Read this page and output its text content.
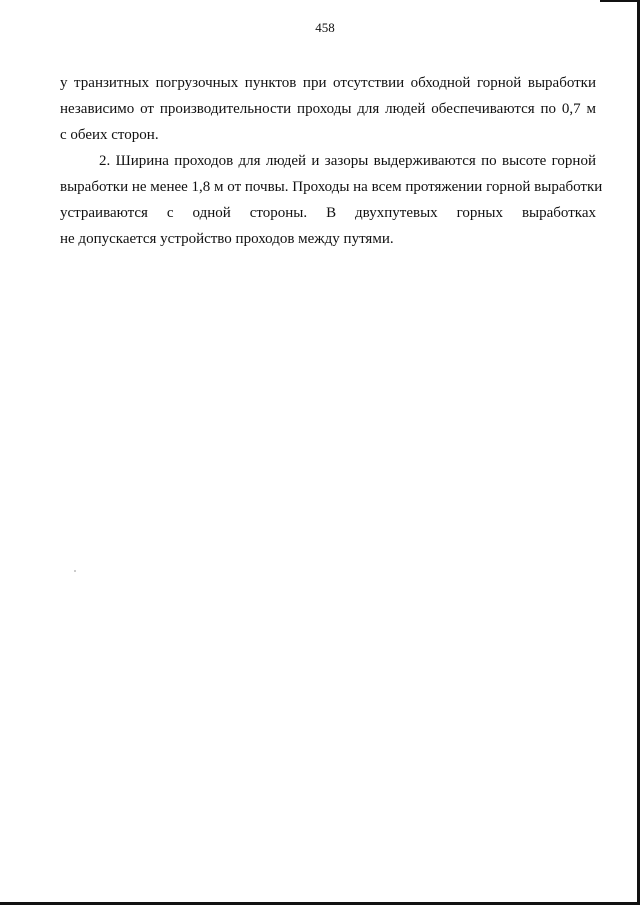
458
у транзитных погрузочных пунктов при отсутствии обходной горной выработки
независимо от производительности проходы для людей обеспечиваются по 0,7 м
с обеих сторон.
2. Ширина проходов для людей и зазоры выдерживаются по высоте горной
выработки не менее 1,8 м от почвы. Проходы на всем протяжении горной выработки
устраиваются с одной стороны. В двухпутевых горных выработках
не допускается устройство проходов между путями.
